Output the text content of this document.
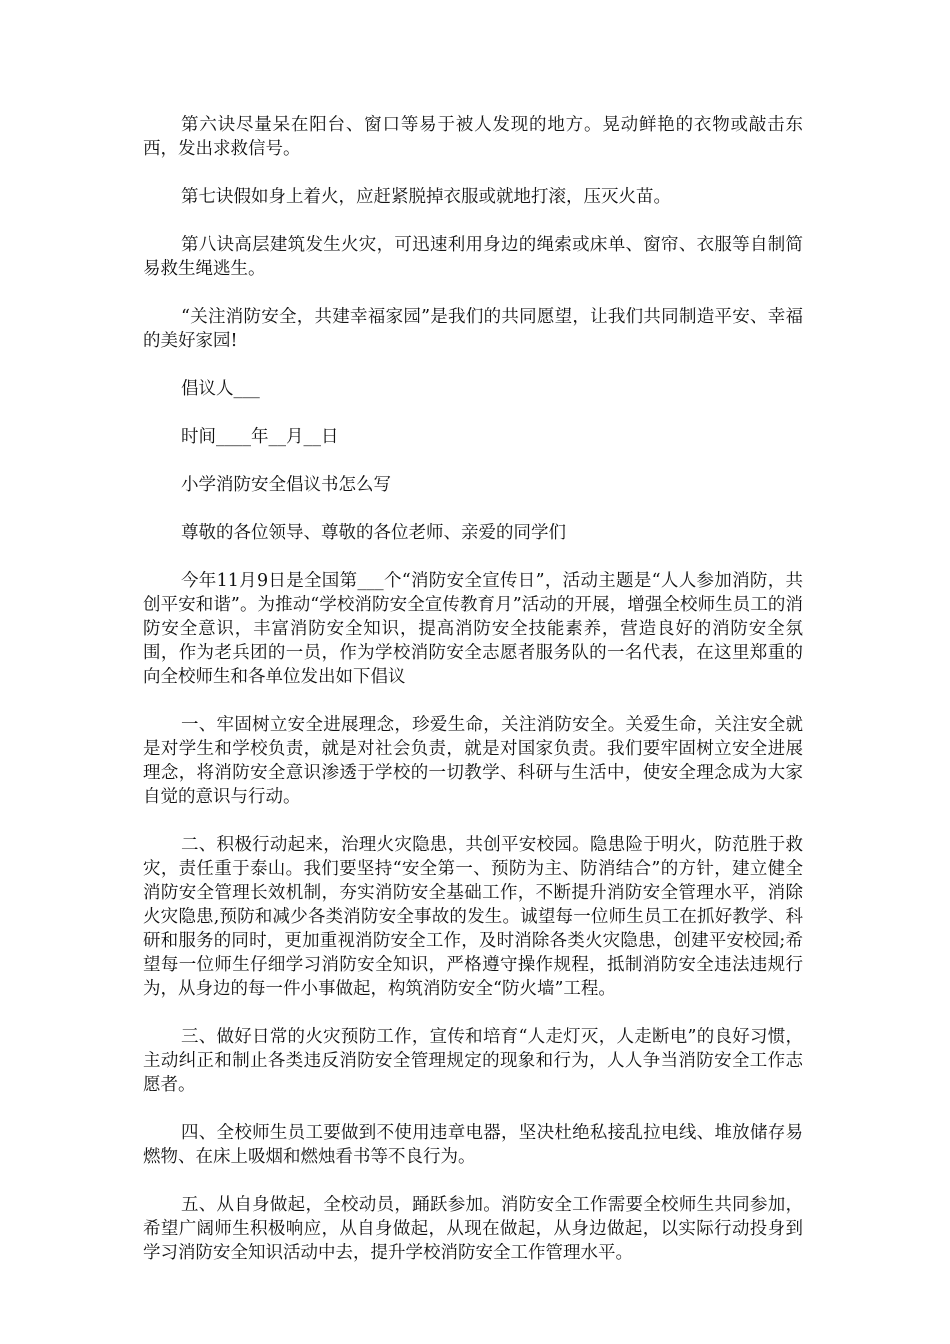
第六诀尽量呆在阳台、窗口等易于被人发现的地方。晃动鲜艳的衣物或敲击东西，发出求救信号。

第七诀假如身上着火，应赶紧脱掉衣服或就地打滚，压灭火苗。

第八诀高层建筑发生火灾，可迅速利用身边的绳索或床单、窗帘、衣服等自制简易救生绳逃生。

“关注消防安全，共建幸福家园”是我们的共同愿望，让我们共同制造平安、幸福的美好家园!

倡议人___

时间____年__月__日

小学消防安全倡议书怎么写

尊敬的各位领导、尊敬的各位老师、亲爱的同学们

今年11月9日是全国第___个“消防安全宣传日”，活动主题是“人人参加消防，共创平安和谐”。为推动“学校消防安全宣传教育月”活动的开展，增强全校师生员工的消防安全意识，丰富消防安全知识，提高消防安全技能素养，营造良好的消防安全氛围，作为老兵团的一员，作为学校消防安全志愿者服务队的一名代表，在这里郑重的向全校师生和各单位发出如下倡议

一、牢固树立安全进展理念，珍爱生命，关注消防安全。关爱生命，关注安全就是对学生和学校负责，就是对社会负责，就是对国家负责。我们要牢固树立安全进展理念，将消防安全意识渗透于学校的一切教学、科研与生活中，使安全理念成为大家自觉的意识与行动。

二、积极行动起来，治理火灾隐患，共创平安校园。隐患险于明火，防范胜于救灾，责任重于泰山。我们要坚持“安全第一、预防为主、防消结合”的方针，建立健全消防安全管理长效机制，夯实消防安全基础工作，不断提升消防安全管理水平，消除火灾隐患,预防和减少各类消防安全事故的发生。诚望每一位师生员工在抓好教学、科研和服务的同时，更加重视消防安全工作，及时消除各类火灾隐患，创建平安校园;希望每一位师生仔细学习消防安全知识，严格遵守操作规程，抵制消防安全违法违规行为，从身边的每一件小事做起，构筑消防安全“防火墙”工程。

三、做好日常的火灾预防工作，宣传和培育“人走灯灭，人走断电”的良好习惯，主动纠正和制止各类违反消防安全管理规定的现象和行为，人人争当消防安全工作志愿者。

四、全校师生员工要做到不使用违章电器，坚决杜绝私接乱拉电线、堆放储存易燃物、在床上吸烟和燃烛看书等不良行为。

五、从自身做起，全校动员，踊跃参加。消防安全工作需要全校师生共同参加，希望广阔师生积极响应，从自身做起，从现在做起，从身边做起，以实际行动投身到学习消防安全知识活动中去，提升学校消防安全工作管理水平。
